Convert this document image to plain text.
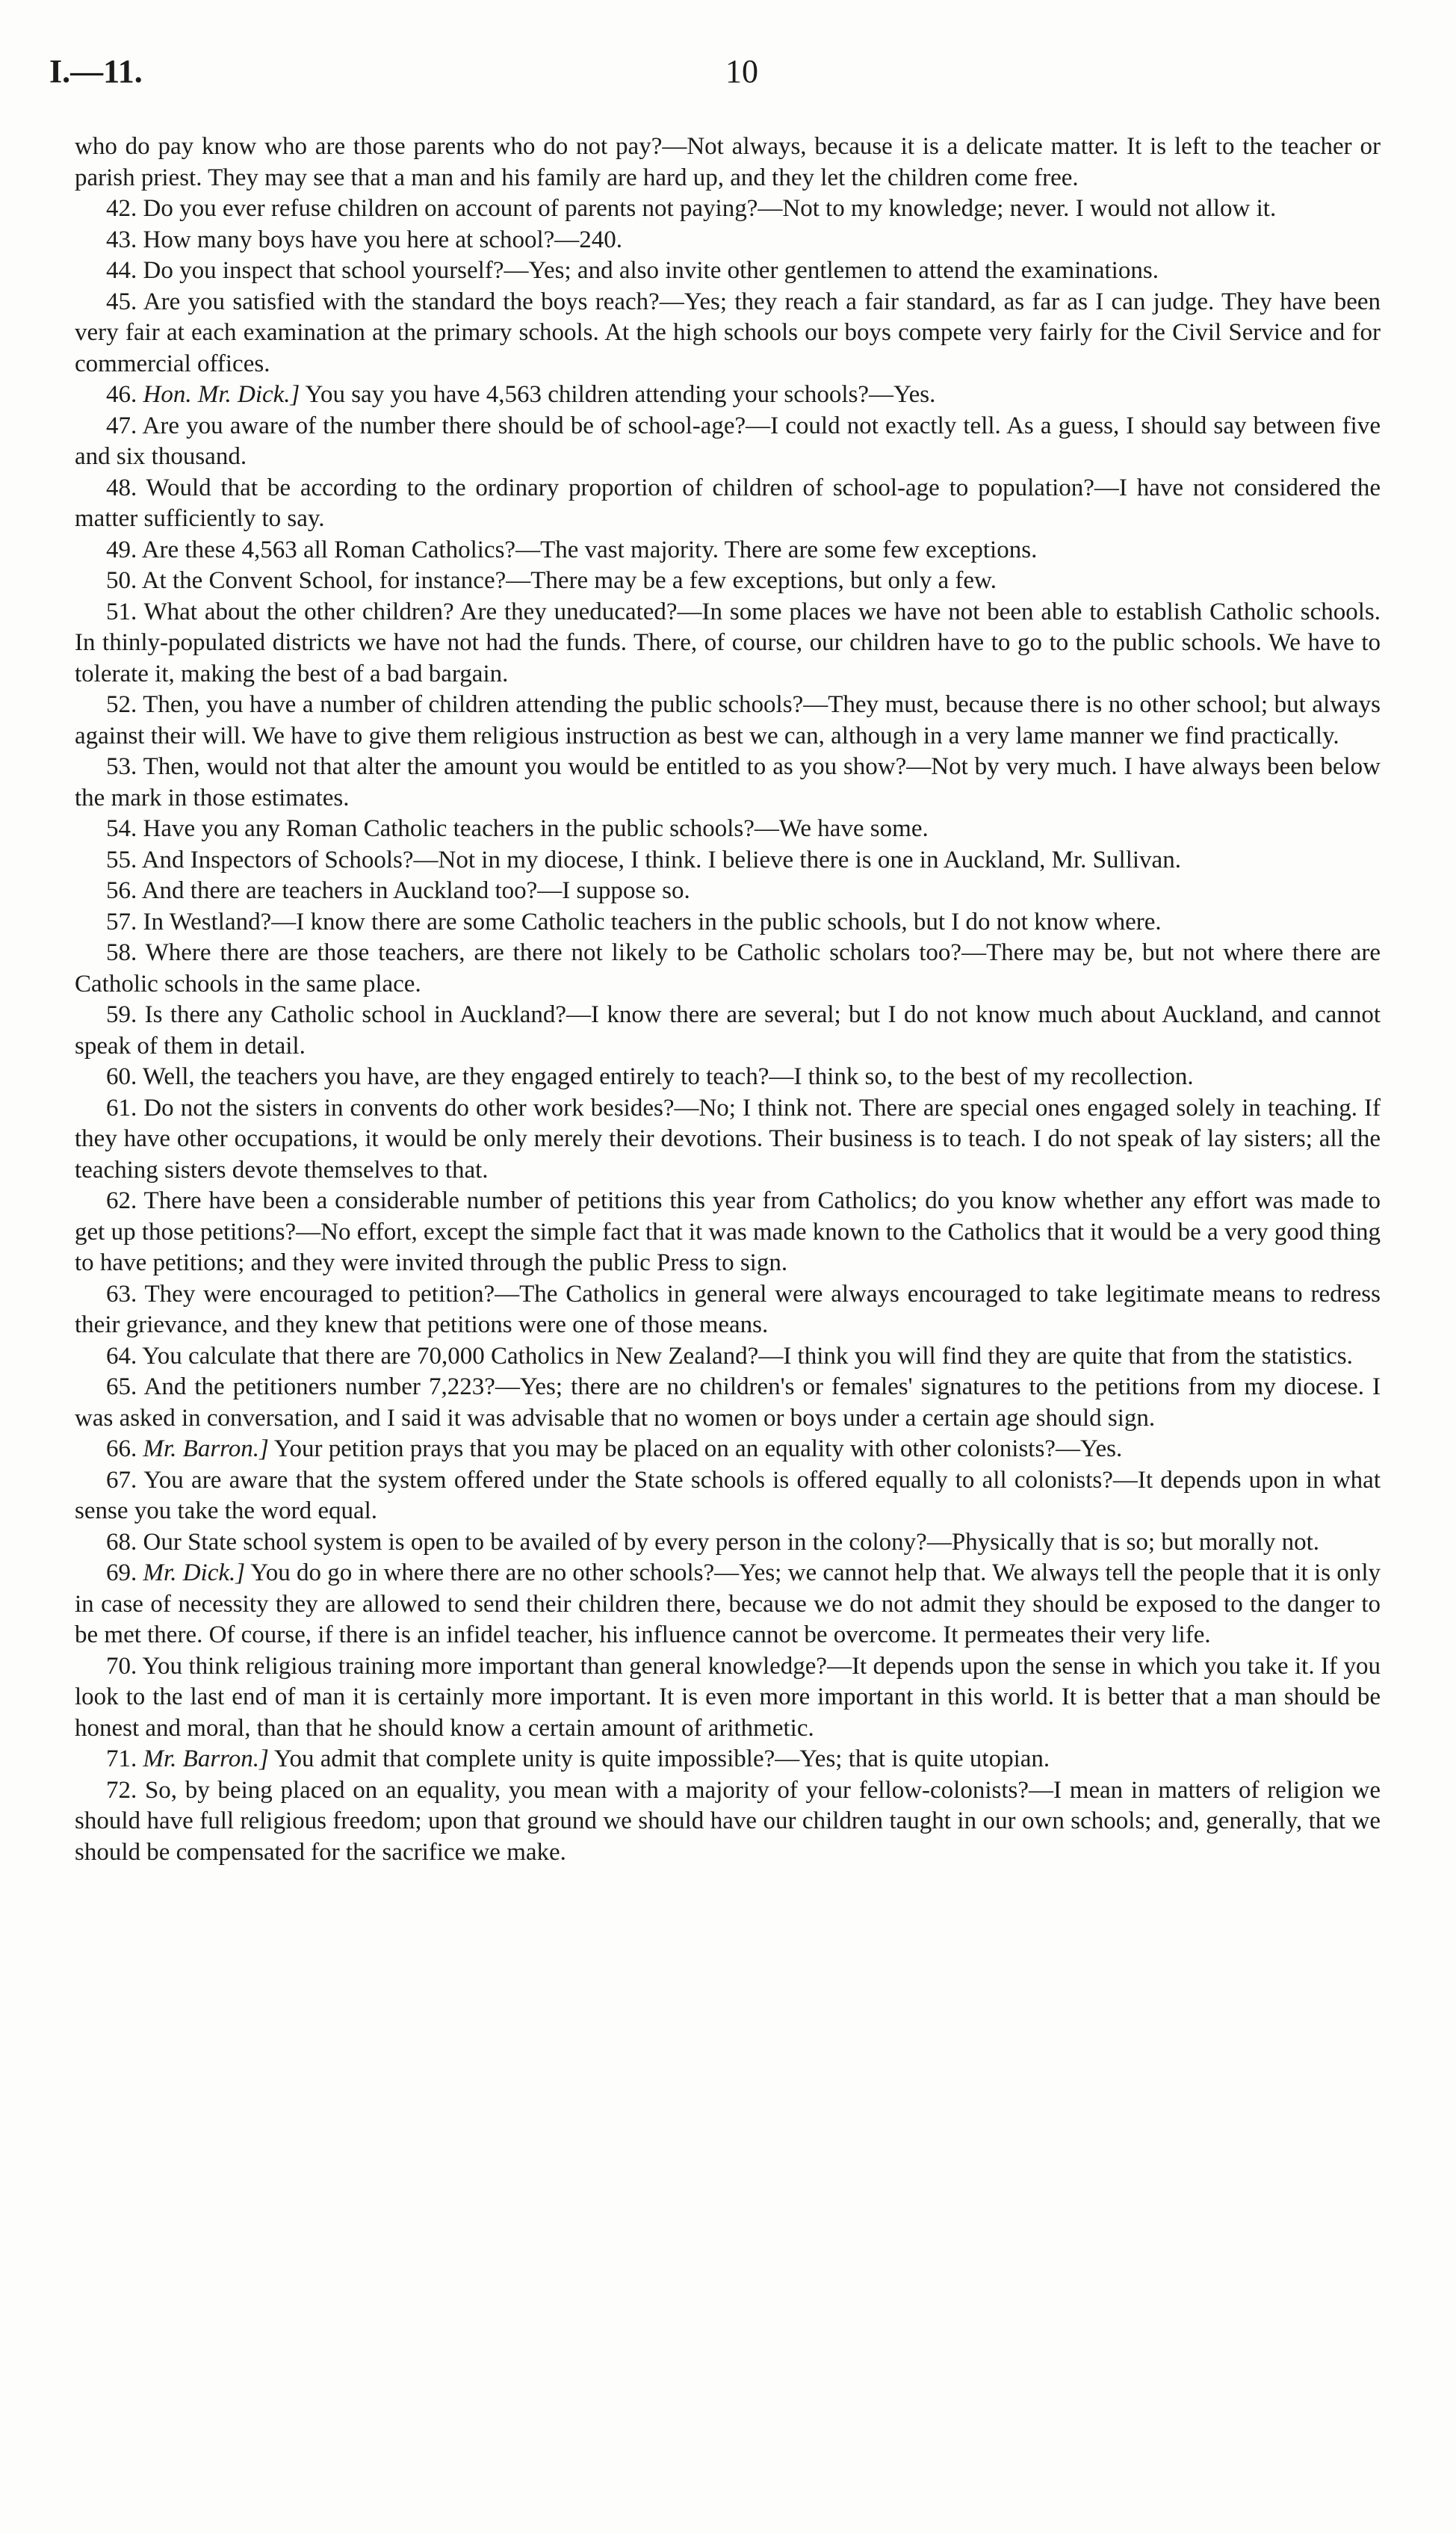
I.—11.	10

who do pay know who are those parents who do not pay?—Not always, because it is a delicate matter. It is left to the teacher or parish priest. They may see that a man and his family are hard up, and they let the children come free.

42. Do you ever refuse children on account of parents not paying?—Not to my knowledge; never. I would not allow it.

43. How many boys have you here at school?—240.

44. Do you inspect that school yourself?—Yes; and also invite other gentlemen to attend the examinations.

45. Are you satisfied with the standard the boys reach?—Yes; they reach a fair standard, as far as I can judge. They have been very fair at each examination at the primary schools. At the high schools our boys compete very fairly for the Civil Service and for commercial offices.

46. Hon. Mr. Dick.] You say you have 4,563 children attending your schools?—Yes.

47. Are you aware of the number there should be of school-age?—I could not exactly tell. As a guess, I should say between five and six thousand.

48. Would that be according to the ordinary proportion of children of school-age to population?—I have not considered the matter sufficiently to say.

49. Are these 4,563 all Roman Catholics?—The vast majority. There are some few exceptions.

50. At the Convent School, for instance?—There may be a few exceptions, but only a few.

51. What about the other children? Are they uneducated?—In some places we have not been able to establish Catholic schools. In thinly-populated districts we have not had the funds. There, of course, our children have to go to the public schools. We have to tolerate it, making the best of a bad bargain.

52. Then, you have a number of children attending the public schools?—They must, because there is no other school; but always against their will. We have to give them religious instruction as best we can, although in a very lame manner we find practically.

53. Then, would not that alter the amount you would be entitled to as you show?—Not by very much. I have always been below the mark in those estimates.

54. Have you any Roman Catholic teachers in the public schools?—We have some.

55. And Inspectors of Schools?—Not in my diocese, I think. I believe there is one in Auckland, Mr. Sullivan.

56. And there are teachers in Auckland too?—I suppose so.

57. In Westland?—I know there are some Catholic teachers in the public schools, but I do not know where.

58. Where there are those teachers, are there not likely to be Catholic scholars too?—There may be, but not where there are Catholic schools in the same place.

59. Is there any Catholic school in Auckland?—I know there are several; but I do not know much about Auckland, and cannot speak of them in detail.

60. Well, the teachers you have, are they engaged entirely to teach?—I think so, to the best of my recollection.

61. Do not the sisters in convents do other work besides?—No; I think not. There are special ones engaged solely in teaching. If they have other occupations, it would be only merely their devotions. Their business is to teach. I do not speak of lay sisters; all the teaching sisters devote themselves to that.

62. There have been a considerable number of petitions this year from Catholics; do you know whether any effort was made to get up those petitions?—No effort, except the simple fact that it was made known to the Catholics that it would be a very good thing to have petitions; and they were invited through the public Press to sign.

63. They were encouraged to petition?—The Catholics in general were always encouraged to take legitimate means to redress their grievance, and they knew that petitions were one of those means.

64. You calculate that there are 70,000 Catholics in New Zealand?—I think you will find they are quite that from the statistics.

65. And the petitioners number 7,223?—Yes; there are no children's or females' signatures to the petitions from my diocese. I was asked in conversation, and I said it was advisable that no women or boys under a certain age should sign.

66. Mr. Barron.] Your petition prays that you may be placed on an equality with other colonists?—Yes.

67. You are aware that the system offered under the State schools is offered equally to all colonists?—It depends upon in what sense you take the word equal.

68. Our State school system is open to be availed of by every person in the colony?—Physically that is so; but morally not.

69. Mr. Dick.] You do go in where there are no other schools?—Yes; we cannot help that. We always tell the people that it is only in case of necessity they are allowed to send their children there, because we do not admit they should be exposed to the danger to be met there. Of course, if there is an infidel teacher, his influence cannot be overcome. It permeates their very life.

70. You think religious training more important than general knowledge?—It depends upon the sense in which you take it. If you look to the last end of man it is certainly more important. It is even more important in this world. It is better that a man should be honest and moral, than that he should know a certain amount of arithmetic.

71. Mr. Barron.] You admit that complete unity is quite impossible?—Yes; that is quite utopian.

72. So, by being placed on an equality, you mean with a majority of your fellow-colonists?—I mean in matters of religion we should have full religious freedom; upon that ground we should have our children taught in our own schools; and, generally, that we should be compensated for the sacrifice we make.
